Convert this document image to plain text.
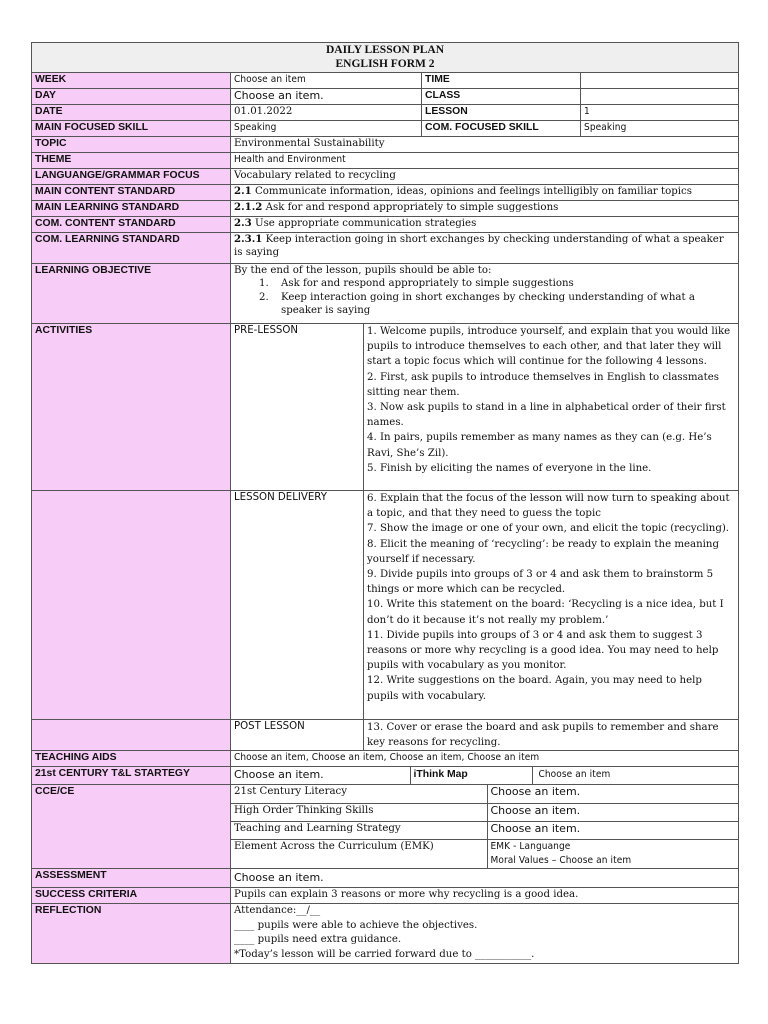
DAILY LESSON PLAN
ENGLISH FORM 2

WEEK	Choose an item	TIME	
DAY	Choose an item.	CLASS	
DATE	01.01.2022	LESSON	1
MAIN FOCUSED SKILL	Speaking	COM. FOCUSED SKILL	Speaking
TOPIC	Environmental Sustainability
THEME	Health and Environment
LANGUANGE/GRAMMAR FOCUS	Vocabulary related to recycling
MAIN CONTENT STANDARD	2.1 Communicate information, ideas, opinions and feelings intelligibly on familiar topics
MAIN LEARNING STANDARD	2.1.2 Ask for and respond appropriately to simple suggestions
COM. CONTENT STANDARD	2.3 Use appropriate communication strategies
COM. LEARNING STANDARD	2.3.1 Keep interaction going in short exchanges by checking understanding of what a speaker is saying
LEARNING OBJECTIVE	By the end of the lesson, pupils should be able to:
1. Ask for and respond appropriately to simple suggestions
2. Keep interaction going in short exchanges by checking understanding of what a speaker is saying

ACTIVITIES	PRE-LESSON	1. Welcome pupils, introduce yourself, and explain that you would like pupils to introduce themselves to each other, and that later they will start a topic focus which will continue for the following 4 lessons.
2. First, ask pupils to introduce themselves in English to classmates sitting near them.
3. Now ask pupils to stand in a line in alphabetical order of their first names.
4. In pairs, pupils remember as many names as they can (e.g. He’s Ravi, She’s Zil).
5. Finish by eliciting the names of everyone in the line.

	LESSON DELIVERY	6. Explain that the focus of the lesson will now turn to speaking about a topic, and that they need to guess the topic
7. Show the image or one of your own, and elicit the topic (recycling).
8. Elicit the meaning of ‘recycling’: be ready to explain the meaning yourself if necessary.
9. Divide pupils into groups of 3 or 4 and ask them to brainstorm 5 things or more which can be recycled.
10. Write this statement on the board: ‘Recycling is a nice idea, but I don’t do it because it’s not really my problem.’
11. Divide pupils into groups of 3 or 4 and ask them to suggest 3 reasons or more why recycling is a good idea. You may need to help pupils with vocabulary as you monitor.
12. Write suggestions on the board. Again, you may need to help pupils with vocabulary.

	POST LESSON	13. Cover or erase the board and ask pupils to remember and share key reasons for recycling.

TEACHING AIDS	Choose an item, Choose an item, Choose an item, Choose an item
21st CENTURY T&L STARTEGY		Choose an item.	iThink Map	Choose an item

CCE/CE		21st Century Literacy	Choose an item.
High Order Thinking Skills	Choose an item.
Teaching and Learning Strategy	Choose an item.
Element Across the Curriculum (EMK)	EMK - Languange
Moral Values – Choose an item

ASSESSMENT	Choose an item.
SUCCESS CRITERIA	Pupils can explain 3 reasons or more why recycling is a good idea.
REFLECTION	Attendance:__/__
____ pupils were able to achieve the objectives.
____ pupils need extra guidance.
*Today’s lesson will be carried forward due to ___________.
